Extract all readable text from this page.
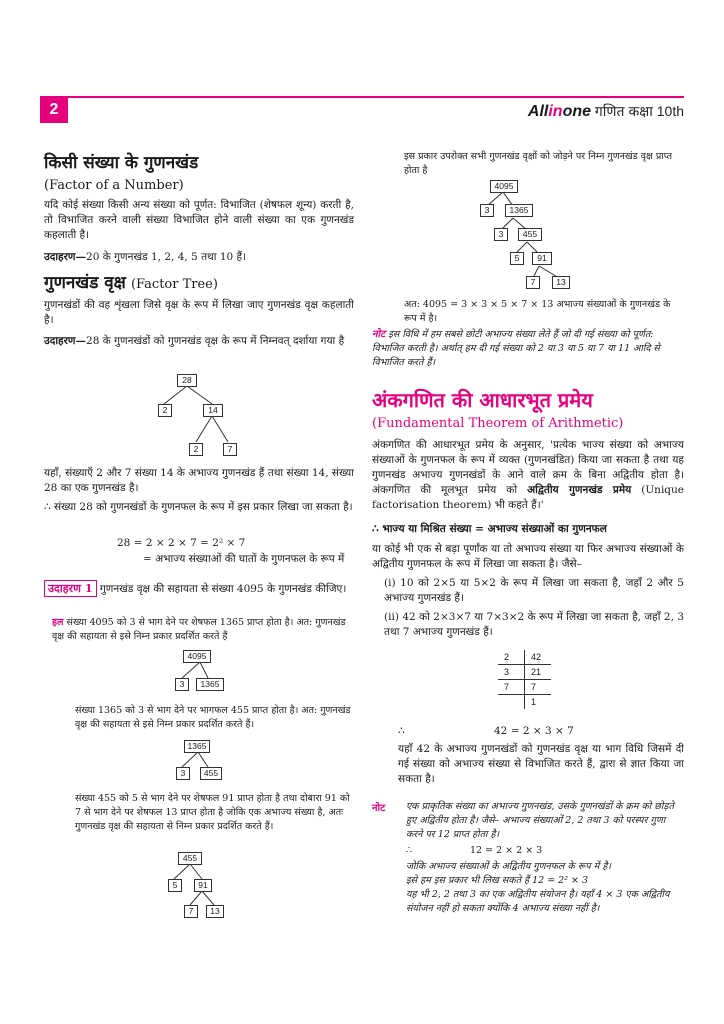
2	Allinone गणित कक्षा 10th
किसी संख्या के गुणनखंड
(Factor of a Number)
यदि कोई संख्या किसी अन्य संख्या को पूर्णत: विभाजित (शेषफल शून्य) करती है, तो विभाजित करने वाली संख्या विभाजित होने वाली संख्या का एक गुणनखंड कहलाती है।
उदाहरण—20 के गुणनखंड 1, 2, 4, 5 तथा 10 हैं।
गुणनखंड वृक्ष (Factor Tree)
गुणनखंडों की वह शृंखला जिसे वृक्ष के रूप में लिखा जाए गुणनखंड वृक्ष कहलाती है।
उदाहरण—28 के गुणनखंडों को गुणनखंड वृक्ष के रूप में निम्नवत् दर्शाया गया है
28
2	14
2	7
यहाँ, संख्याएँ 2 और 7 संख्या 14 के अभाज्य गुणनखंड हैं तथा संख्या 14, संख्या 28 का एक गुणनखंड है।
∴ संख्या 28 को गुणनखंडों के गुणनफल के रूप में इस प्रकार लिखा जा सकता है।
28 = 2 × 2 × 7 = 2² × 7
= अभाज्य संख्याओं की घातों के गुणनफल के रूप में
उदाहरण 1 गुणनखंड वृक्ष की सहायता से संख्या 4095 के गुणनखंड कीजिए।
हल संख्या 4095 को 3 से भाग देने पर शेषफल 1365 प्राप्त होता है। अत: गुणनखंड वृक्ष की सहायता से इसे निम्न प्रकार प्रदर्शित करते हैं
4095
3	1365
संख्या 1365 को 3 से भाग देने पर भागफल 455 प्राप्त होता है। अत: गुणनखंड वृक्ष की सहायता से इसे निम्न प्रकार प्रदर्शित करते हैं।
1365
3	455
संख्या 455 को 5 से भाग देने पर शेषफल 91 प्राप्त होता है तथा दोबारा 91 को 7 से भाग देने पर शेषफल 13 प्राप्त होता है जोकि एक अभाज्य संख्या है, अतः गुणनखंड वृक्ष की सहायता से निम्न प्रकार प्रदर्शित करते हैं।
455
5	91
7	13
इस प्रकार उपरोक्त सभी गुणनखंड वृक्षों को जोड़ने पर निम्न गुणनखंड वृक्ष प्राप्त होता है
4095
3	1365
3	455
5	91
7	13
अत: 4095 = 3 × 3 × 5 × 7 × 13 अभाज्य संख्याओं के गुणनखंड के रूप में है।
नोट इस विधि में हम सबसे छोटी अभाज्य संख्या लेते हैं जो दी गई संख्या को पूर्णत: विभाजित करती है। अर्थात् हम दी गई संख्या को 2 या 3 या 5 या 7 या 11 आदि से विभाजित करते हैं।
अंकगणित की आधारभूत प्रमेय
(Fundamental Theorem of Arithmetic)
अंकगणित की आधारभूत प्रमेय के अनुसार, 'प्रत्येक भाज्य संख्या को अभाज्य संख्याओं के गुणनफल के रूप में व्यक्त (गुणनखंडित) किया जा सकता है तथा यह गुणनखंड अभाज्य गुणनखंडों के आने वाले क्रम के बिना अद्वितीय होता है। अंकगणित की मूलभूत प्रमेय को अद्वितीय गुणनखंड प्रमेय (Unique factorisation theorem) भी कहते हैं।'
∴ भाज्य या मिश्रित संख्या = अभाज्य संख्याओं का गुणनफल
या कोई भी एक से बड़ा पूर्णांक या तो अभाज्य संख्या या फिर अभाज्य संख्याओं के अद्वितीय गुणनफल के रूप में लिखा जा सकता है। जैसे–
(i) 10 को 2×5 या 5×2 के रूप में लिखा जा सकता है, जहाँ 2 और 5 अभाज्य गुणनखंड हैं।
(ii) 42 को 2×3×7 या 7×3×2 के रूप में लिखा जा सकता है, जहाँ 2, 3 तथा 7 अभाज्य गुणनखंड हैं।
2	42
3	21
7	7
	1
∴	42 = 2 × 3 × 7
यहाँ 42 के अभाज्य गुणनखंडों को गुणनखंड वृक्ष या भाग विधि जिसमें दी गई संख्या को अभाज्य संख्या से विभाजित करते हैं, द्वारा से ज्ञात किया जा सकता है।
नोट एक प्राकृतिक संख्या का अभाज्य गुणनखंड, उसके गुणनखंडों के क्रम को छोड़ते हुए अद्वितीय होता है। जैसे– अभाज्य संख्याओं 2, 2 तथा 3 को परस्पर गुणा करने पर 12 प्राप्त होता है।
∴	12 = 2 × 2 × 3
जोकि अभाज्य संख्याओं के अद्वितीय गुणनफल के रूप में है।
इसे हम इस प्रकार भी लिख सकते हैं 12 = 2² × 3
यह भी 2, 2 तथा 3 का एक अद्वितीय संयोजन है। यहाँ 4 × 3 एक अद्वितीय संयोजन नहीं हो सकता क्योंकि 4 अभाज्य संख्या नहीं है।
